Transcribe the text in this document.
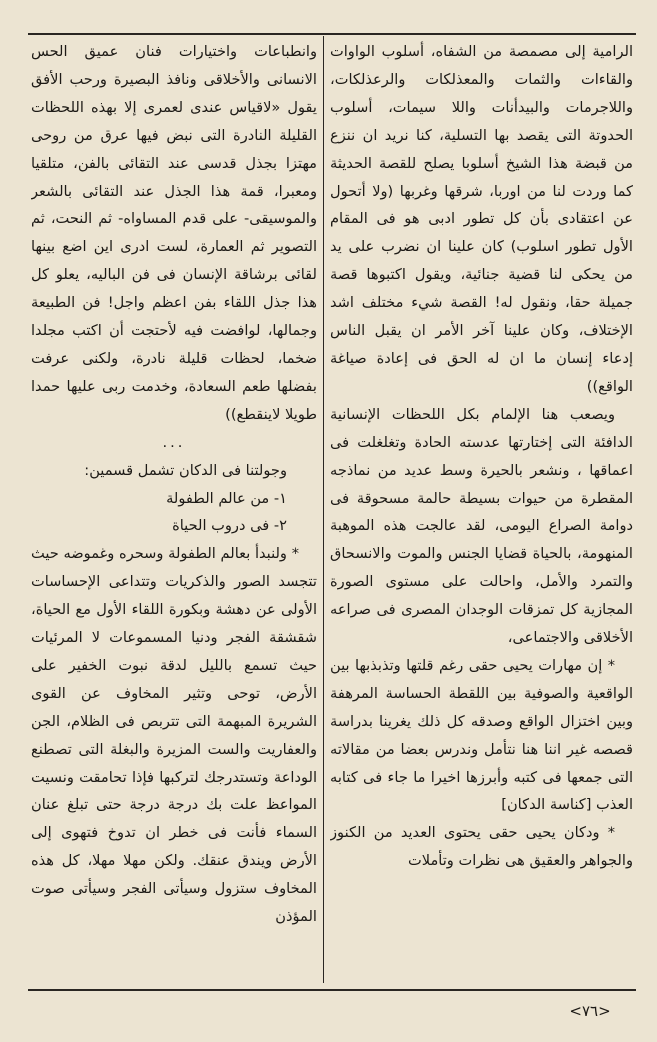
الرامية إلى مصمصة من الشفاه، أسلوب الواوات والقاءات والثمات والمعذلكات والرعذلكات، واللاجرمات والبيدأنات واللا سيمات، أسلوب الحدوتة التى يقصد بها التسلية، كنا نريد ان ننزع من قبضة هذا الشيخ أسلوبا يصلح للقصة الحديثة كما وردت لنا من اوربا، شرقها وغربها (ولا أتحول عن اعتقادى بأن كل تطور ادبى هو فى المقام الأول تطور اسلوب) كان علينا ان نضرب على يد من يحكى لنا قضية جنائية، ويقول اكتبوها قصة جميلة حقا، ونقول له! القصة شيء مختلف اشد الإختلاف، وكان علينا آخر الأمر ان يقبل الناس إدعاء إنسان ما ان له الحق فى إعادة صياغة الواقع))

ويصعب هنا الإلمام بكل اللحظات الإنسانية الدافئة التى إختارتها عدسته الحادة وتغلغلت فى اعماقها ، ونشعر بالحيرة وسط عديد من نماذجه المقطرة من حيوات بسيطة حالمة مسحوقة فى دوامة الصراع اليومى، لقد عالجت هذه الموهبة المنهومة، بالحياة قضايا الجنس والموت والانسحاق والتمرد والأمل، واحالت على مستوى الصورة المجازية كل تمزقات الوجدان المصرى فى صراعه الأخلاقى والاجتماعى،

* إن مهارات يحيى حقى رغم قلتها وتذبذبها بين الواقعية والصوفية بين اللقطة الحساسة المرهفة وبين اختزال الواقع وصدقه كل ذلك يغرينا بدراسة قصصه غير اننا هنا نتأمل وندرس بعضا من مقالاته التى جمعها فى كتبه وأبرزها اخيرا ما جاء فى كتابه العذب [كناسة الدكان]

* ودكان يحيى حقى يحتوى العديد من الكنوز والجواهر والعقيق هى نظرات وتأملات

وانطباعات واختيارات فنان عميق الحس الانسانى والأخلاقى ونافذ البصيرة ورحب الأفق يقول «لاقياس عندى لعمرى إلا بهذه اللحظات القليلة النادرة التى نبض فيها عرق من روحى مهتزا بجذل قدسى عند التقائى بالفن، متلقيا ومعبرا، قمة هذا الجذل عند التقائى بالشعر والموسيقى- على قدم المساواه- ثم النحت، ثم التصوير ثم العمارة، لست ادرى اين اضع بينها لقائى برشاقة الإنسان فى فن الباليه، يعلو كل هذا جذل اللقاء بفن اعظم واجل! فن الطبيعة وجمالها، لوافضت فيه لأحتجت أن اكتب مجلدا ضخما، لحظات قليلة نادرة، ولكنى عرفت بفضلها طعم السعادة، وخدمت ربى عليها حمدا طويلا لاينقطع))

...

وجولتنا فى الدكان تشمل قسمين:

١- من عالم الطفولة

٢- فى دروب الحياة

* ولنبدأ بعالم الطفولة وسحره وغموضه حيث تتجسد الصور والذكريات وتتداعى الإحساسات الأولى عن دهشة وبكورة اللقاء الأول مع الحياة، شقشقة الفجر ودنيا المسموعات لا المرئيات حيث تسمع بالليل لدقة نبوت الخفير على الأرض، توحى وتثير المخاوف عن القوى الشريرة المبهمة التى تتربص فى الظلام، الجن والعفاريت والست المزيرة والبغلة التى تصطنع الوداعة وتستدرجك لتركبها فإذا تحامقت ونسيت المواعظ علت بك درجة درجة حتى تبلغ عنان السماء فأنت فى خطر ان تدوخ فتهوى إلى الأرض ويندق عنقك. ولكن مهلا مهلا، كل هذه المخاوف ستزول وسيأتى الفجر وسيأتى صوت المؤذن

<٧٦>
